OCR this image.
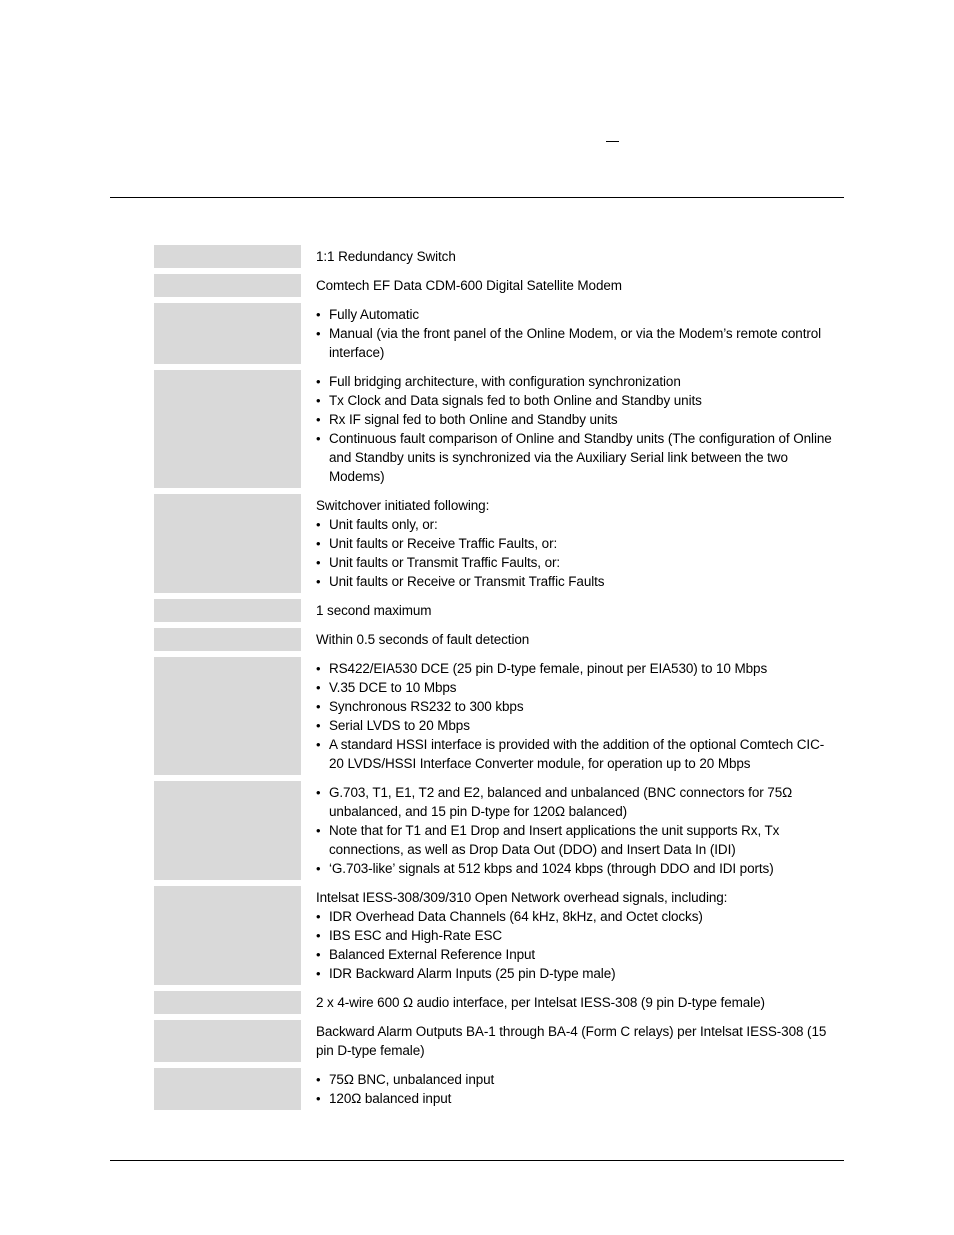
1:1 Redundancy Switch

Comtech EF Data CDM-600 Digital Satellite Modem

• Fully Automatic
• Manual (via the front panel of the Online Modem, or via the Modem’s remote control interface)
• Full bridging architecture, with configuration synchronization
• Tx Clock and Data signals fed to both Online and Standby units
• Rx IF signal fed to both Online and Standby units
• Continuous fault comparison of Online and Standby units (The configuration of Online and Standby units is synchronized via the Auxiliary Serial link between the two Modems)

Switchover initiated following:

• Unit faults only, or:
• Unit faults or Receive Traffic Faults, or:
• Unit faults or Transmit Traffic Faults, or:
• Unit faults or Receive or Transmit Traffic Faults

1 second maximum

Within 0.5 seconds of fault detection

• RS422/EIA530 DCE (25 pin D-type female, pinout per EIA530) to 10 Mbps
• V.35 DCE to 10 Mbps
• Synchronous RS232 to 300 kbps
• Serial LVDS to 20 Mbps
• A standard HSSI interface is provided with the addition of the optional Comtech CIC-20 LVDS/HSSI Interface Converter module, for operation up to 20 Mbps
• G.703, T1, E1, T2 and E2, balanced and unbalanced (BNC connectors for 75Ω unbalanced, and 15 pin D-type for 120Ω balanced)
• Note that for T1 and E1 Drop and Insert applications the unit supports Rx, Tx connections, as well as Drop Data Out (DDO) and Insert Data In (IDI)
• ‘G.703-like’ signals at 512 kbps and 1024 kbps (through DDO and IDI ports)

Intelsat IESS-308/309/310 Open Network overhead signals, including:

• IDR Overhead Data Channels (64 kHz, 8kHz, and Octet clocks)
• IBS ESC and High-Rate ESC
• Balanced External Reference Input
• IDR Backward Alarm Inputs (25 pin D-type male)

2 x 4-wire 600 Ω audio interface, per Intelsat IESS-308 (9 pin D-type female)

Backward Alarm Outputs BA-1 through BA-4 (Form C relays) per Intelsat IESS-308 (15 pin D-type female)

• 75Ω BNC, unbalanced input
• 120Ω balanced input
